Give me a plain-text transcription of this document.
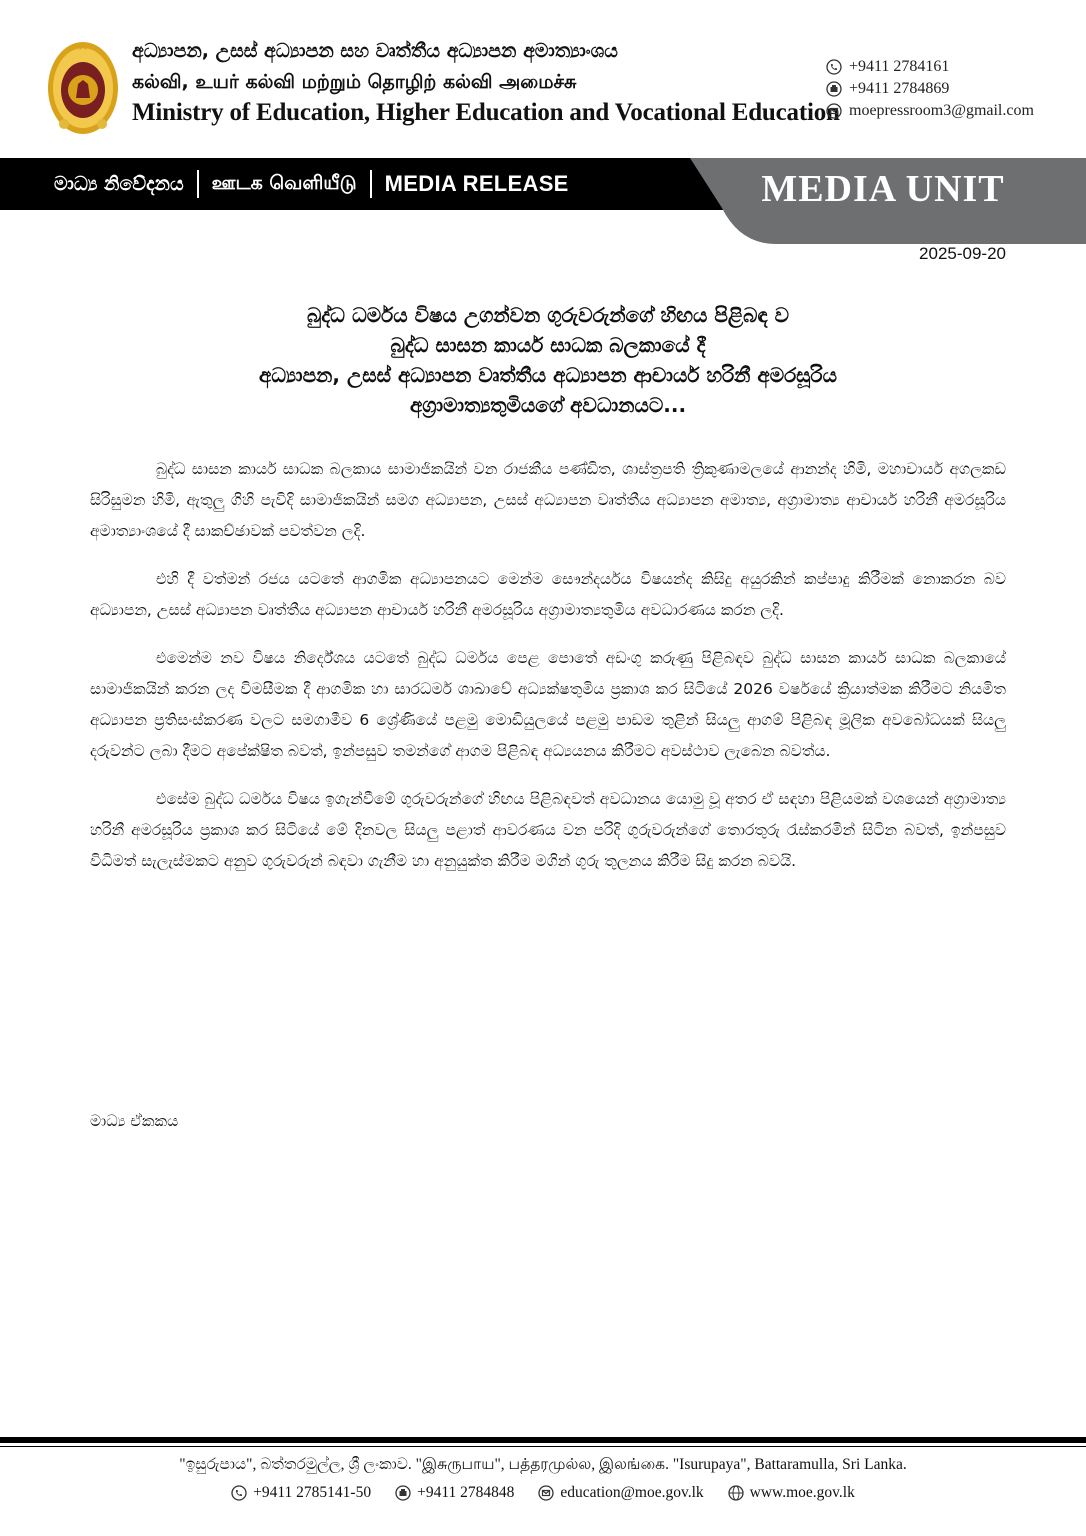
අධ්‍යාපන, උසස් අධ්‍යාපන සහ වෘත්තීය අධ්‍යාපන අමාත්‍යාංශය
கல்வி, உயர் கல்வி மற்றும் தொழிற் கல்வி அமைச்சு
Ministry of Education, Higher Education and Vocational Education
+9411 2784161
+9411 2784869
moepressroom3@gmail.com
මාධ්‍ය නිවේදනය ஊடக வெளியீடு MEDIA RELEASE	MEDIA UNIT
2025-09-20
බුද්ධ ධර්මය විෂය උගන්වන ගුරුවරුන්ගේ හිඟය පිළිබඳ ව
බුද්ධ සාසන කාර්ය සාධක බලකායේ දී
අධ්‍යාපන, උසස් අධ්‍යාපන වෘත්තීය අධ්‍යාපන ආචාර්ය හරිනී අමරසූරිය
අග්‍රාමාත්‍යතුමියගේ අවධානයට...

බුද්ධ සාසන කාර්ය සාධක බලකාය සාමාජිකයින් වන රාජකීය පණ්ඩිත, ශාස්ත්‍රපති ත්‍රිකුණාමලයේ ආනන්ද හිමි, මහාචාර්ය අගලකඩ සිරිසුමන හිමි, ඇතුලු ගිහි පැවිදි සාමාජිකයින් සමග අධ්‍යාපන, උසස් අධ්‍යාපන වෘත්තීය අධ්‍යාපන අමාත්‍ය, අග්‍රාමාත්‍ය ආචාර්ය හරිනී අමරසූරිය අමාත්‍යාංශයේ දී සාකච්ඡාවක් පවත්වන ලදි.

එහි දී වත්මන් රජය යටතේ ආගමික අධ්‍යාපනයට මෙන්ම සෞන්දර්යය විෂයන්ද කිසිදු අයුරකින් කප්පාදු කිරීමක් නොකරන බව අධ්‍යාපන, උසස් අධ්‍යාපන වෘත්තීය අධ්‍යාපන ආචාර්ය හරිනී අමරසූරිය අග්‍රාමාත්‍යතුමිය අවධාරණය කරන ලදි.

එමෙන්ම නව විෂය නිර්දේශය යටතේ බුද්ධ ධර්මය පෙළ පොතේ අඩංගු කරුණු පිළිබඳව බුද්ධ සාසන කාර්ය සාධක බලකායේ සාමාජිකයින් කරන ලද විමසීමක දී ආගමික හා සාරධර්ම ශාඛාවේ අධ්‍යක්ෂතුමිය ප්‍රකාශ කර සිටියේ 2026 වර්ෂයේ ක්‍රියාත්මක කිරීමට නියමිත අධ්‍යාපන ප්‍රතිසංස්කරණ වලට සමගාමීව 6 ශ්‍රේණියේ පළමු මොඩියුලයේ පළමු පාඩම තුළින් සියලු ආගම් පිළිබඳ මූලික අවබෝධයක් සියලු දරුවන්ට ලබා දීමට අපේක්ෂිත බවත්, ඉන්පසුව තමන්ගේ ආගම පිළිබඳ අධ්‍යයනය කිරීමට අවස්ථාව ලැබෙන බවත්ය.

එසේම බුද්ධ ධර්මය විෂය ඉගැන්වීමේ ගුරුවරුන්ගේ හිඟය පිළිබඳවත් අවධානය යොමු වූ අතර ඒ සඳහා පිළියමක් වශයෙන් අග්‍රාමාත්‍ය හරිනී අමරසූරිය ප්‍රකාශ කර සිටියේ මේ දිනවල සියලු පළාත් ආවරණය වන පරිදි ගුරුවරුන්ගේ තොරතුරු රැස්කරමින් සිටින බවත්, ඉන්පසුව විධිමත් සැලැස්මකට අනුව ගුරුවරුන් බඳවා ගැනීම හා අනුයුක්ත කිරීම මගින් ගුරු තුලනය කිරීම සිදු කරන බවයි.

මාධ්‍ය ඒකකය
"ඉසුරුපාය", බත්තරමුල්ල, ශ්‍රී ලංකාව. "இசுருபாய", பத்தரமுல்ல, இலங்கை. "Isurupaya", Battaramulla, Sri Lanka.
+9411 2785141-50	+9411 2784848	education@moe.gov.lk	www.moe.gov.lk
